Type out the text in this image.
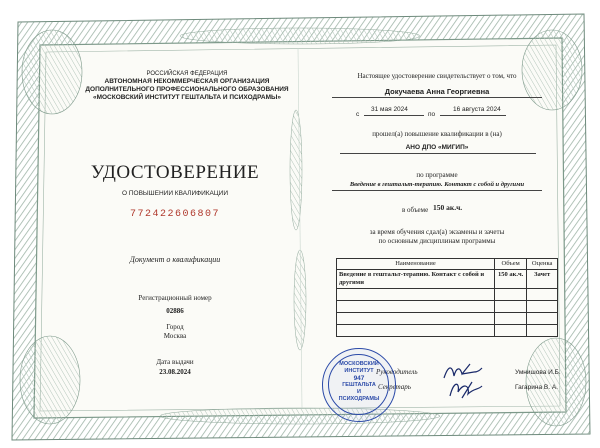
РОССИЙСКАЯ ФЕДЕРАЦИЯ
АВТОНОМНАЯ НЕКОММЕРЧЕСКАЯ ОРГАНИЗАЦИЯ
ДОПОЛНИТЕЛЬНОГО ПРОФЕССИОНАЛЬНОГО ОБРАЗОВАНИЯ
«МОСКОВСКИЙ ИНСТИТУТ ГЕШТАЛЬТА И ПСИХОДРАМЫ»
УДОСТОВЕРЕНИЕ
О ПОВЫШЕНИИ КВАЛИФИКАЦИИ
772422606807
Документ о квалификации
Регистрационный номер
02886
Город
Москва
Дата выдачи
23.08.2024
Настоящее удостоверение свидетельствует о том, что
Докучаева Анна Георгиевна
с
31 мая 2024
по
16 августа 2024
прошел(а) повышение квалификации в (на)
АНО ДПО «МИГИП»
по программе
Введение в гештальт-терапию. Контакт с собой и другими
в объеме 150 ак.ч.
за время обучения сдал(а) экзамены и зачеты
по основным дисциплинам программы
Наименование	Объем	Оценка
Введение в гештальт-терапию. Контакт с собой и другими	150 ак.ч.	Зачет

Руководитель	Умнишова И.Б.
Секретарь	Гагарина В. А.
МОСКОВСКИЙ
ИНСТИТУТ
947
ГЕШТАЛЬТА
И
ПСИХОДРАМЫ
